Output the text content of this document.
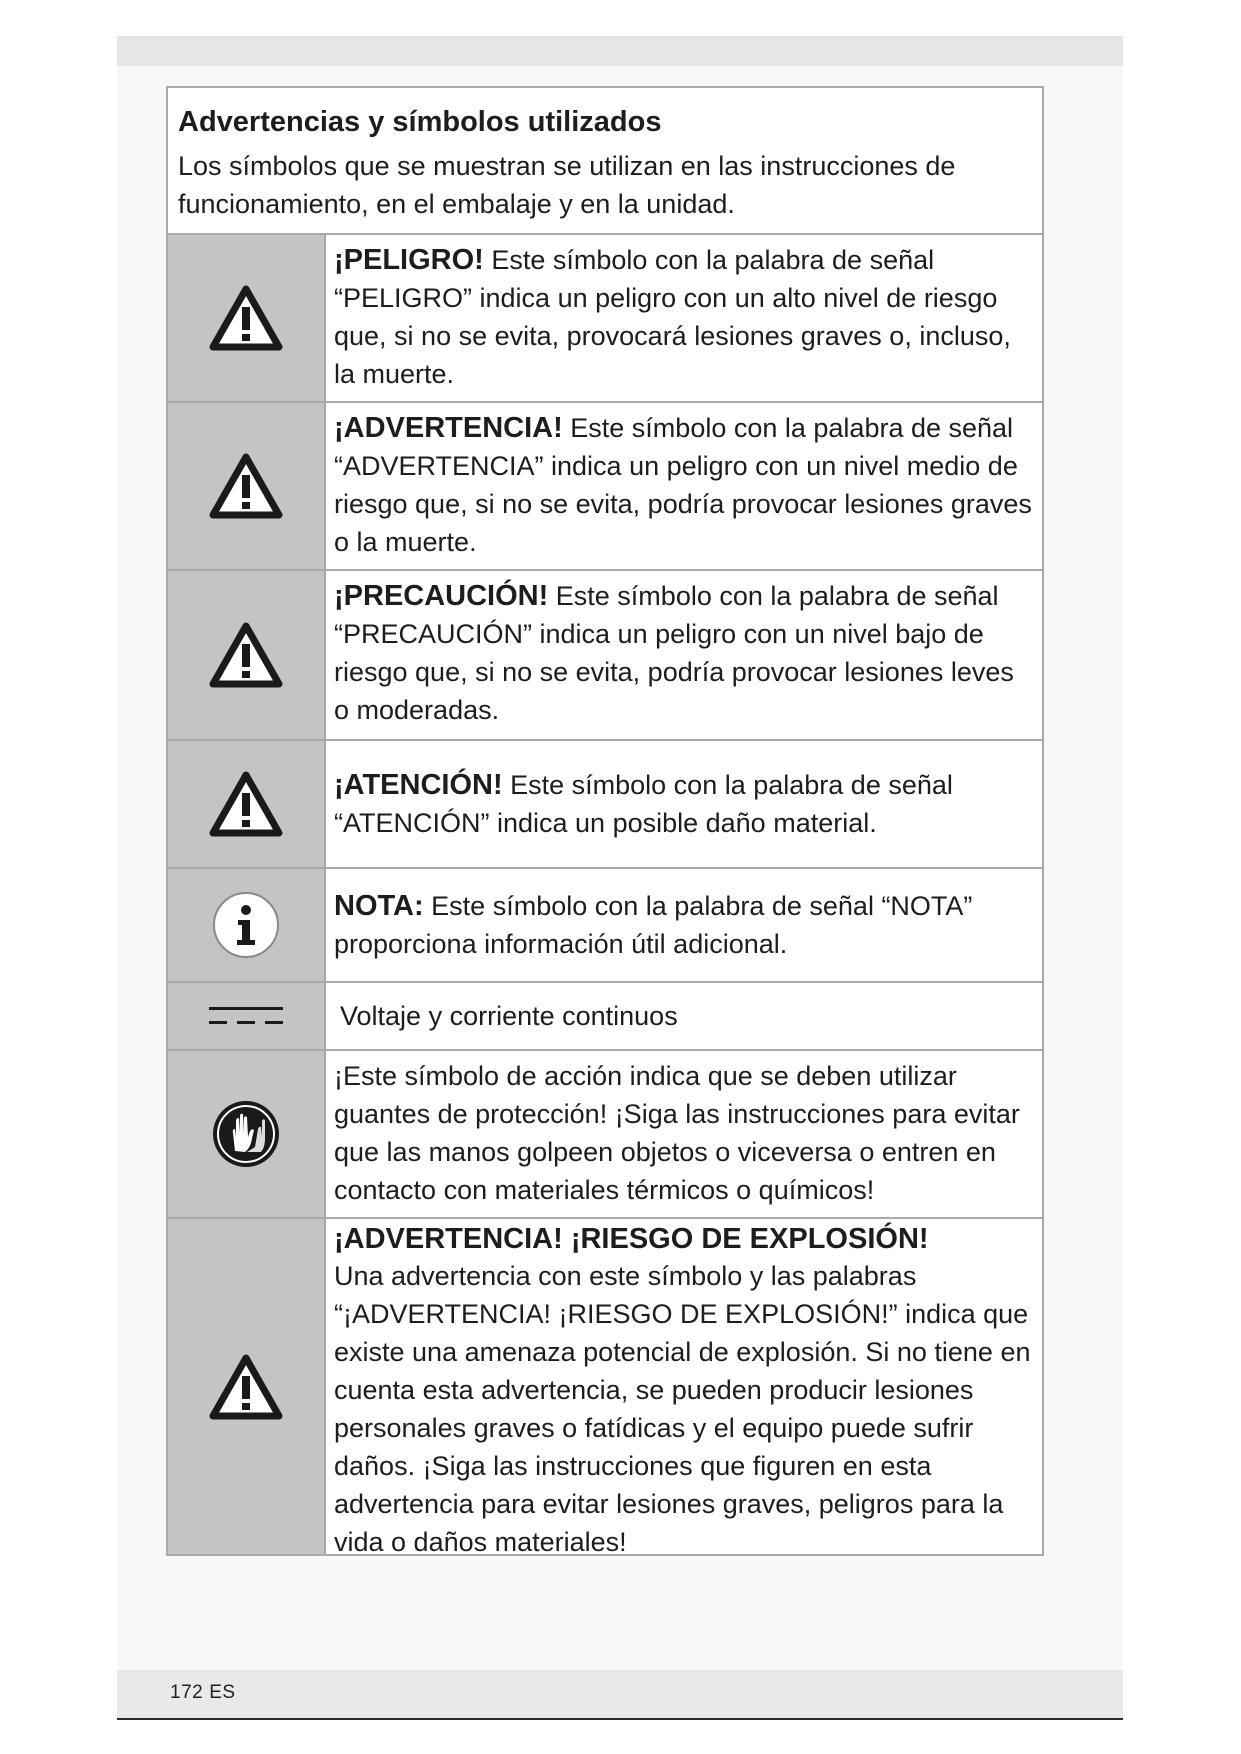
Advertencias y símbolos utilizados

Los símbolos que se muestran se utilizan en las instrucciones de funcionamiento, en el embalaje y en la unidad.

¡PELIGRO! Este símbolo con la palabra de señal “PELIGRO” indica un peligro con un alto nivel de riesgo que, si no se evita, provocará lesiones graves o, incluso, la muerte.
¡ADVERTENCIA! Este símbolo con la palabra de señal “ADVERTENCIA” indica un peligro con un nivel medio de riesgo que, si no se evita, podría provocar lesiones graves o la muerte.
¡PRECAUCIÓN! Este símbolo con la palabra de señal “PRECAUCIÓN” indica un peligro con un nivel bajo de riesgo que, si no se evita, podría provocar lesiones leves o moderadas.
¡ATENCIÓN! Este símbolo con la palabra de señal “ATENCIÓN” indica un posible daño material.
NOTA: Este símbolo con la palabra de señal “NOTA” proporciona información útil adicional.
Voltaje y corriente continuos
¡Este símbolo de acción indica que se deben utilizar guantes de protección! ¡Siga las instrucciones para evitar que las manos golpeen objetos o viceversa o entren en contacto con materiales térmicos o químicos!
¡ADVERTENCIA! ¡RIESGO DE EXPLOSIÓN!
Una advertencia con este símbolo y las palabras “¡ADVERTENCIA! ¡RIESGO DE EXPLOSIÓN!” indica que existe una amenaza potencial de explosión. Si no tiene en cuenta esta advertencia, se pueden producir lesiones personales graves o fatídicas y el equipo puede sufrir daños. ¡Siga las instrucciones que figuren en esta advertencia para evitar lesiones graves, peligros para la vida o daños materiales!
172 ES
